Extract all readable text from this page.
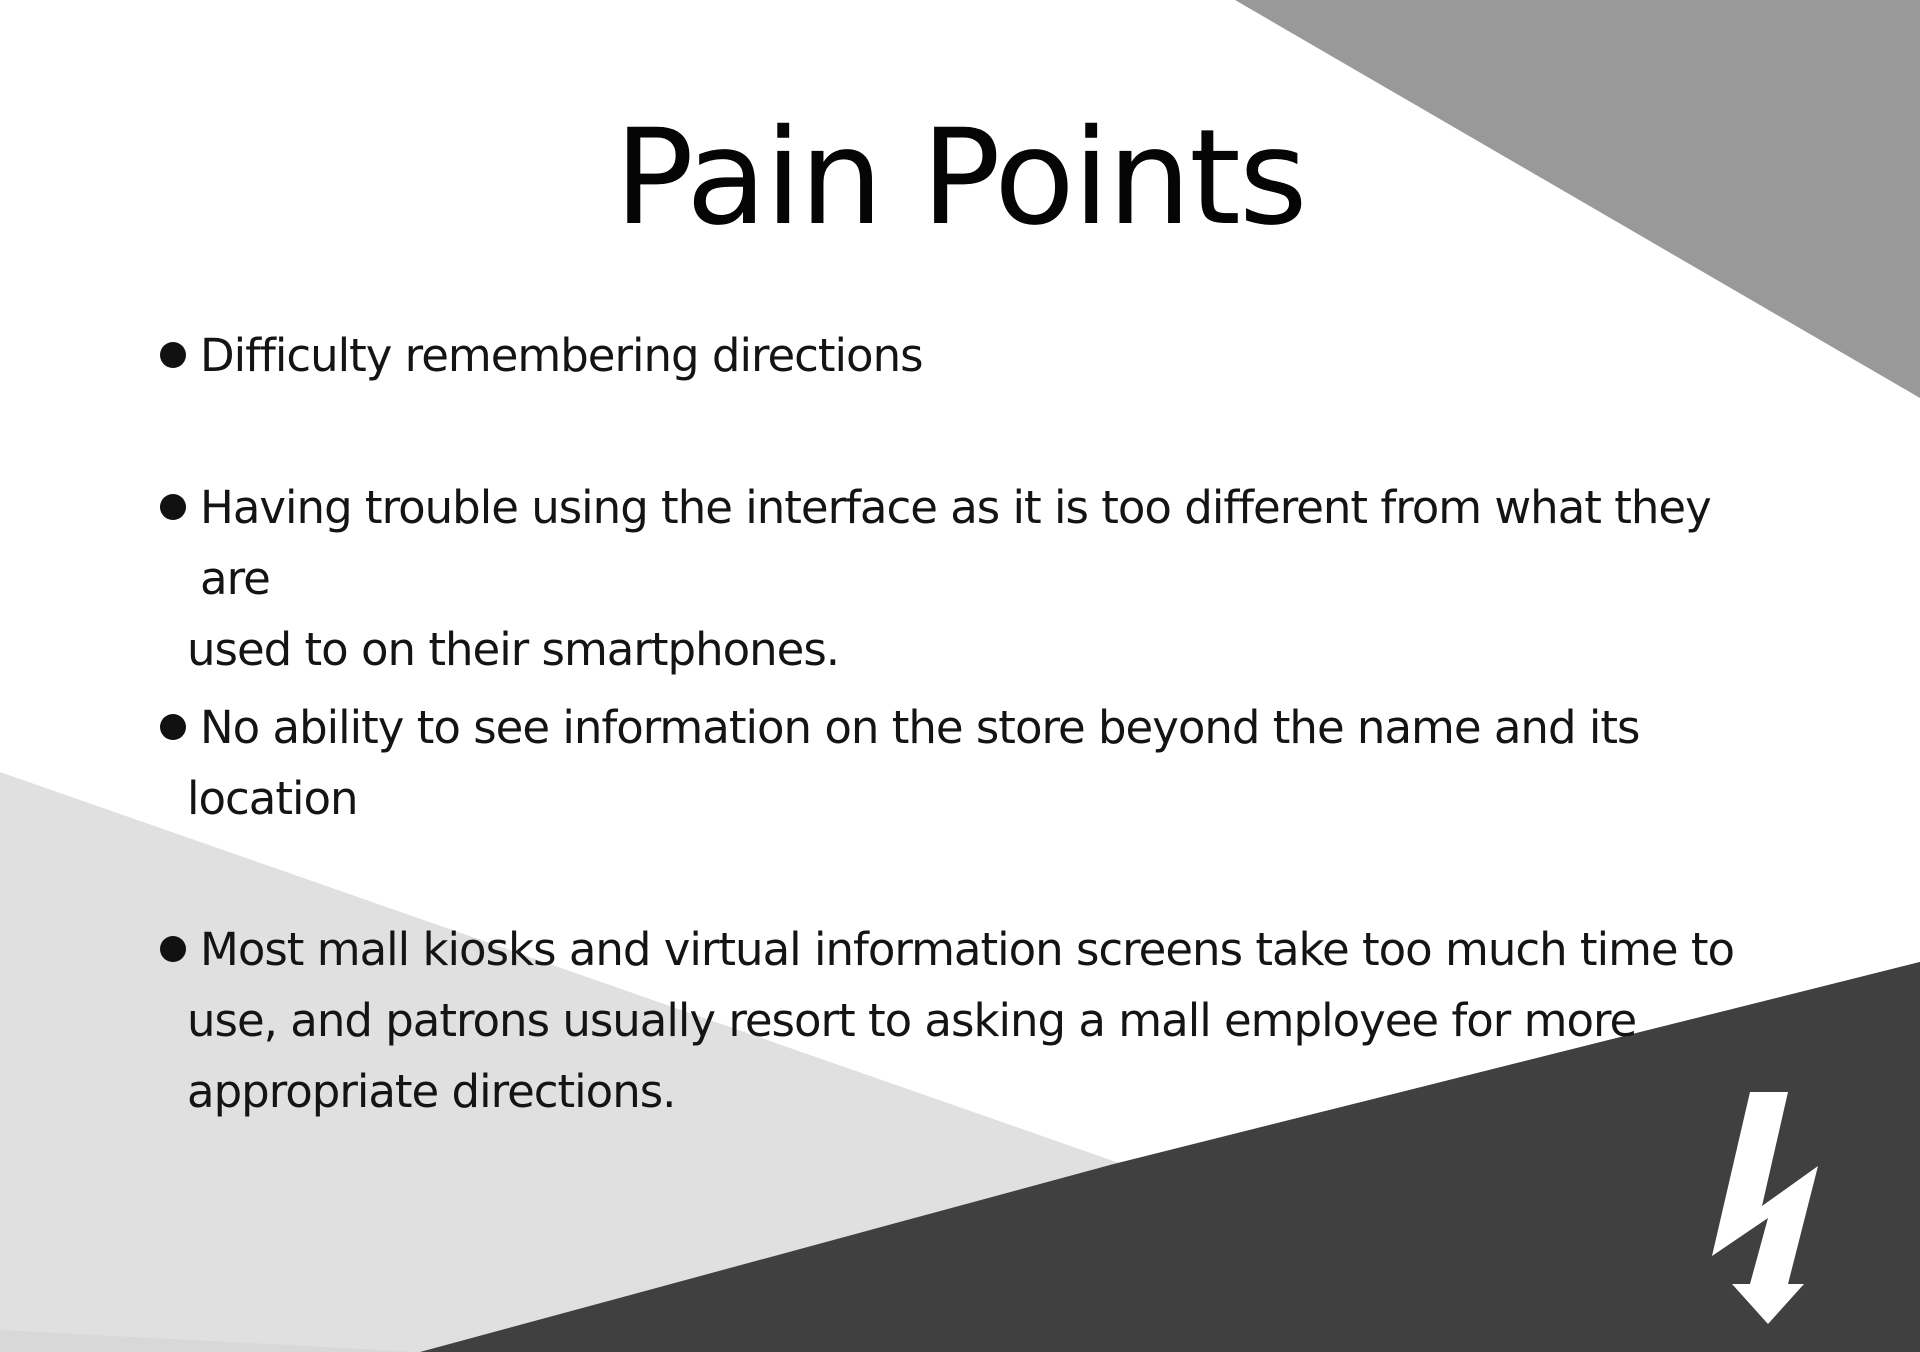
Pain Points
Difficulty remembering directions
Having trouble using the interface as it is too different from what they are
used to on their smartphones.
No ability to see information on the store beyond the name and its
location
Most mall kiosks and virtual information screens take too much time to
use, and patrons usually resort to asking a mall employee for more
appropriate directions.
